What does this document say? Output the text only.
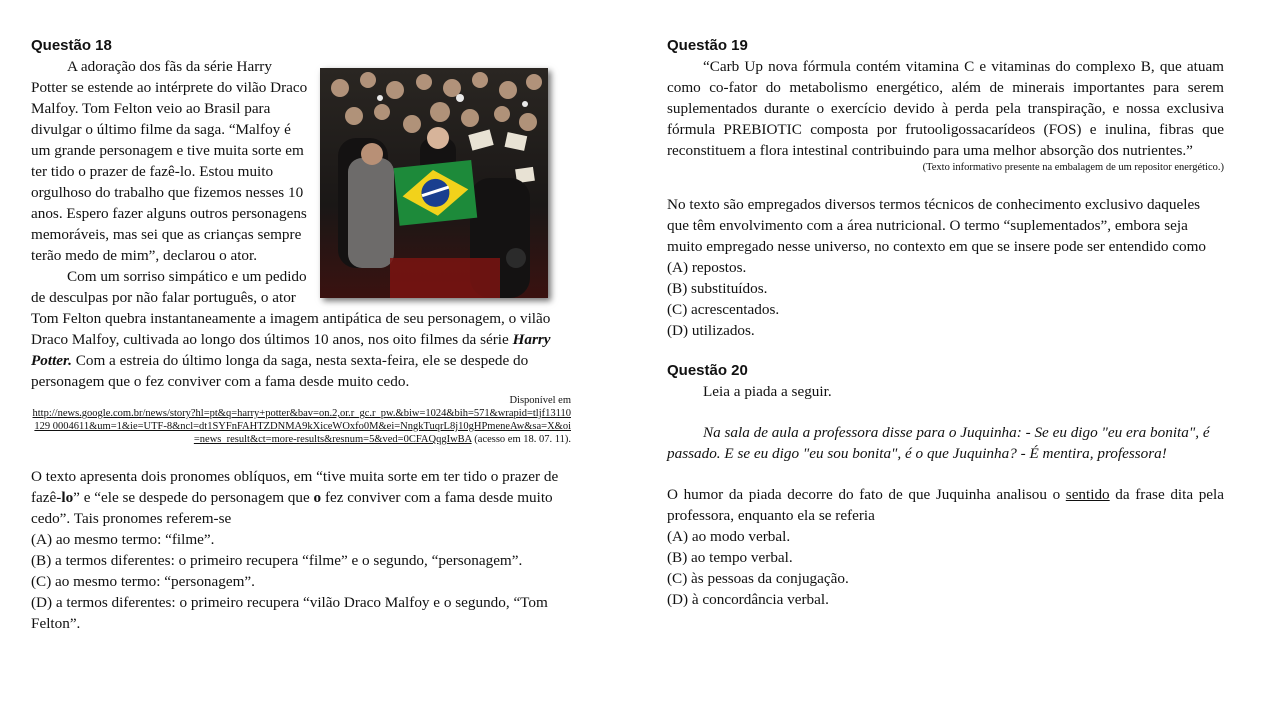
Questão 18

A adoração dos fãs da série Harry Potter se estende ao intérprete do vilão Draco Malfoy. Tom Felton veio ao Brasil para divulgar o último filme da saga. “Malfoy é um grande personagem e tive muita sorte em ter tido o prazer de fazê-lo. Estou muito orgulhoso do trabalho que fizemos nesses 10 anos. Espero fazer alguns outros personagens memoráveis, mas sei que as crianças sempre terão medo de mim”, declarou o ator.

Com um sorriso simpático e um pedido de desculpas por não falar português, o ator Tom Felton quebra instantaneamente a imagem antipática de seu personagem, o vilão Draco Malfoy, cultivada ao longo dos últimos 10 anos, nos oito filmes da série Harry Potter. Com a estreia do último longa da saga, nesta sexta-feira, ele se despede do personagem que o fez conviver com a fama desde muito cedo.

Disponível em
http://news.google.com.br/news/story?hl=pt&q=harry+potter&bav=on.2,or.r_gc.r_pw.&biw=1024&bih=571&wrapid=tljf13110129 0004611&um=1&ie=UTF-8&ncl=dt1SYFnFAHTZDNMA9kXiceWOxfo0M&ei=NngkTuqrL8j10gHPmeneAw&sa=X&oi=news_result&ct=more-results&resnum=5&ved=0CFAQqgIwBA (acesso em 18. 07. 11).

O texto apresenta dois pronomes oblíquos, em “tive muita sorte em ter tido o prazer de fazê-lo” e “ele se despede do personagem que o fez conviver com a fama desde muito cedo”. Tais pronomes referem-se

(A) ao mesmo termo: “filme”.

(B) a termos diferentes: o primeiro recupera “filme” e o segundo, “personagem”.

(C) ao mesmo termo: “personagem”.

(D) a termos diferentes: o primeiro recupera “vilão Draco Malfoy e o segundo, “Tom Felton”.

Questão 19

“Carb Up nova fórmula contém vitamina C e vitaminas do complexo B, que atuam como co-fator do metabolismo energético, além de minerais importantes para serem suplementados durante o exercício devido à perda pela transpiração, e nossa exclusiva fórmula PREBIOTIC composta por frutooligossacarídeos (FOS) e inulina, fibras que reconstituem a flora intestinal contribuindo para uma melhor absorção dos nutrientes.”

(Texto informativo presente na embalagem de um repositor energético.)

No texto são empregados diversos termos técnicos de conhecimento exclusivo daqueles que têm envolvimento com a área nutricional. O termo “suplementados”, embora seja muito empregado nesse universo, no contexto em que se insere pode ser entendido como

(A) repostos.

(B) substituídos.

(C) acrescentados.

(D) utilizados.

Questão 20

Leia a piada a seguir.

Na sala de aula a professora disse para o Juquinha: - Se eu digo "eu era bonita", é passado. E se eu digo "eu sou bonita", é o que Juquinha? - É mentira, professora!

O humor da piada decorre do fato de que Juquinha analisou o sentido da frase dita pela professora, enquanto ela se referia

(A) ao modo verbal.

(B) ao tempo verbal.

(C) às pessoas da conjugação.

(D) à concordância verbal.
